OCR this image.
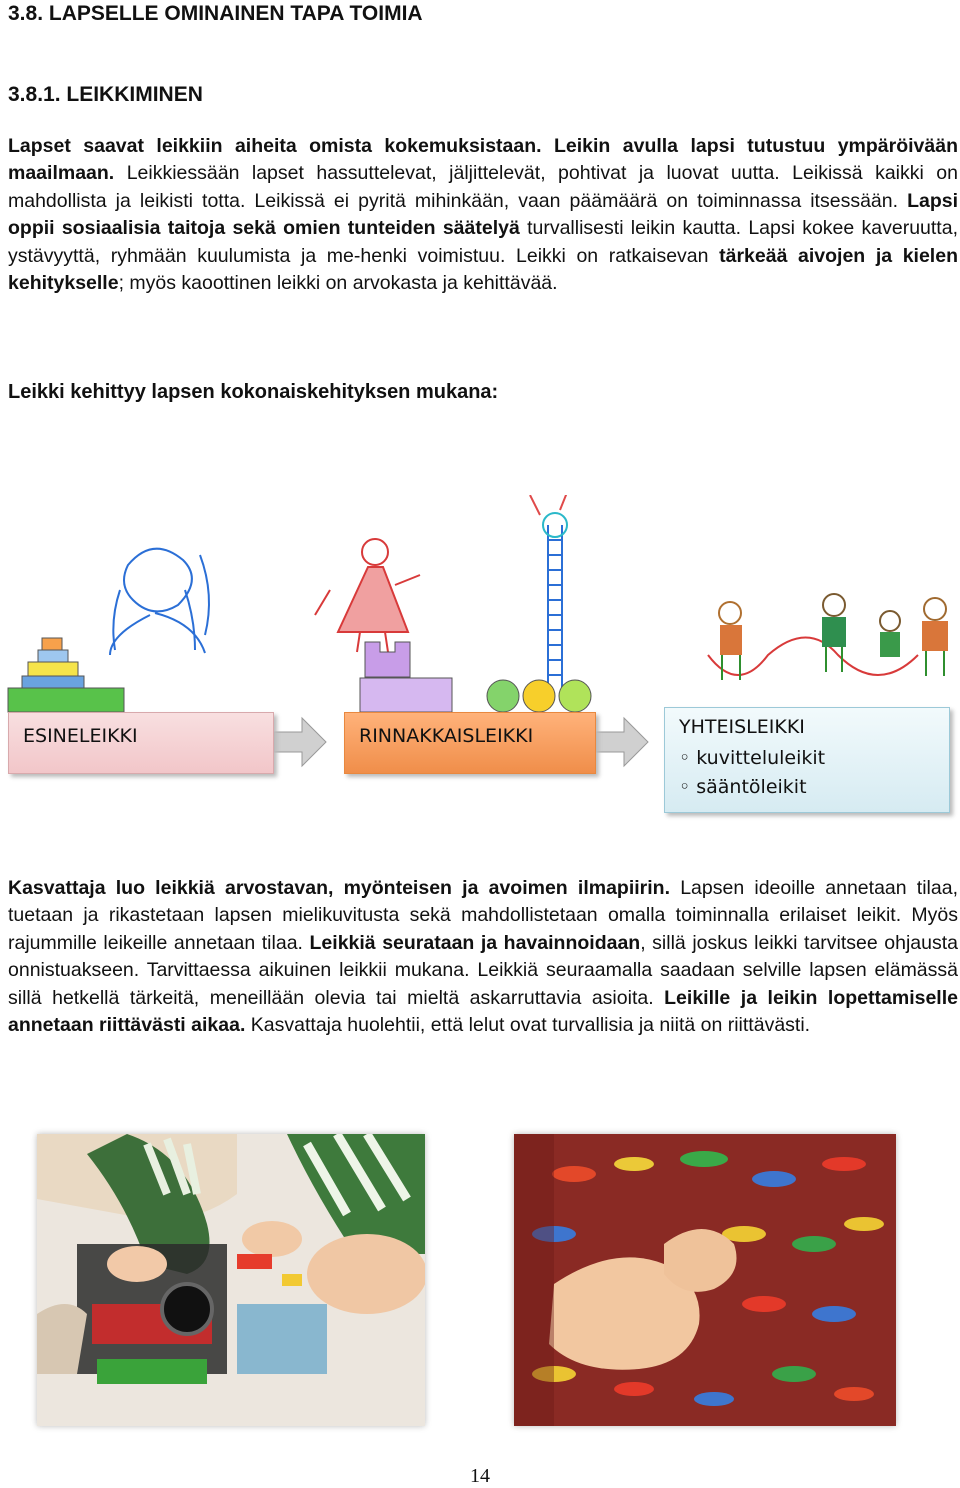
3.8. LAPSELLE OMINAINEN TAPA TOIMIA
3.8.1. LEIKKIMINEN

Lapset saavat leikkiin aiheita omista kokemuksistaan. Leikin avulla lapsi tutustuu ympäröivään maailmaan. Leikkiessään lapset hassuttelevat, jäljittelevät, pohtivat ja luovat uutta. Leikissä kaikki on mahdollista ja leikisti totta. Leikissä ei pyritä mihinkään, vaan päämäärä on toiminnassa itsessään. Lapsi oppii sosiaalisia taitoja sekä omien tunteiden säätelyä turvallisesti leikin kautta. Lapsi kokee kaveruutta, ystävyyttä, ryhmään kuulumista ja me-henki voimistuu. Leikki on ratkaisevan tärkeää aivojen ja kielen kehitykselle; myös kaoottinen leikki on arvokasta ja kehittävää.

Leikki kehittyy lapsen kokonaiskehityksen mukana:

ESINELEIKKI	RINNAKKAISLEIKKI	YHTEISLEIKKI
◦ kuvitteluleikit
◦ sääntöleikit

Kasvattaja luo leikkiä arvostavan, myönteisen ja avoimen ilmapiirin. Lapsen ideoille annetaan tilaa, tuetaan ja rikastetaan lapsen mielikuvitusta sekä mahdollistetaan omalla toiminnalla erilaiset leikit. Myös rajummille leikeille annetaan tilaa. Leikkiä seurataan ja havainnoidaan, sillä joskus leikki tarvitsee ohjausta onnistuakseen. Tarvittaessa aikuinen leikkii mukana. Leikkiä seuraamalla saadaan selville lapsen elämässä sillä hetkellä tärkeitä, meneillään olevia tai mieltä askarruttavia asioita. Leikille ja leikin lopettamiselle annetaan riittävästi aikaa. Kasvattaja huolehtii, että lelut ovat turvallisia ja niitä on riittävästi.

14
